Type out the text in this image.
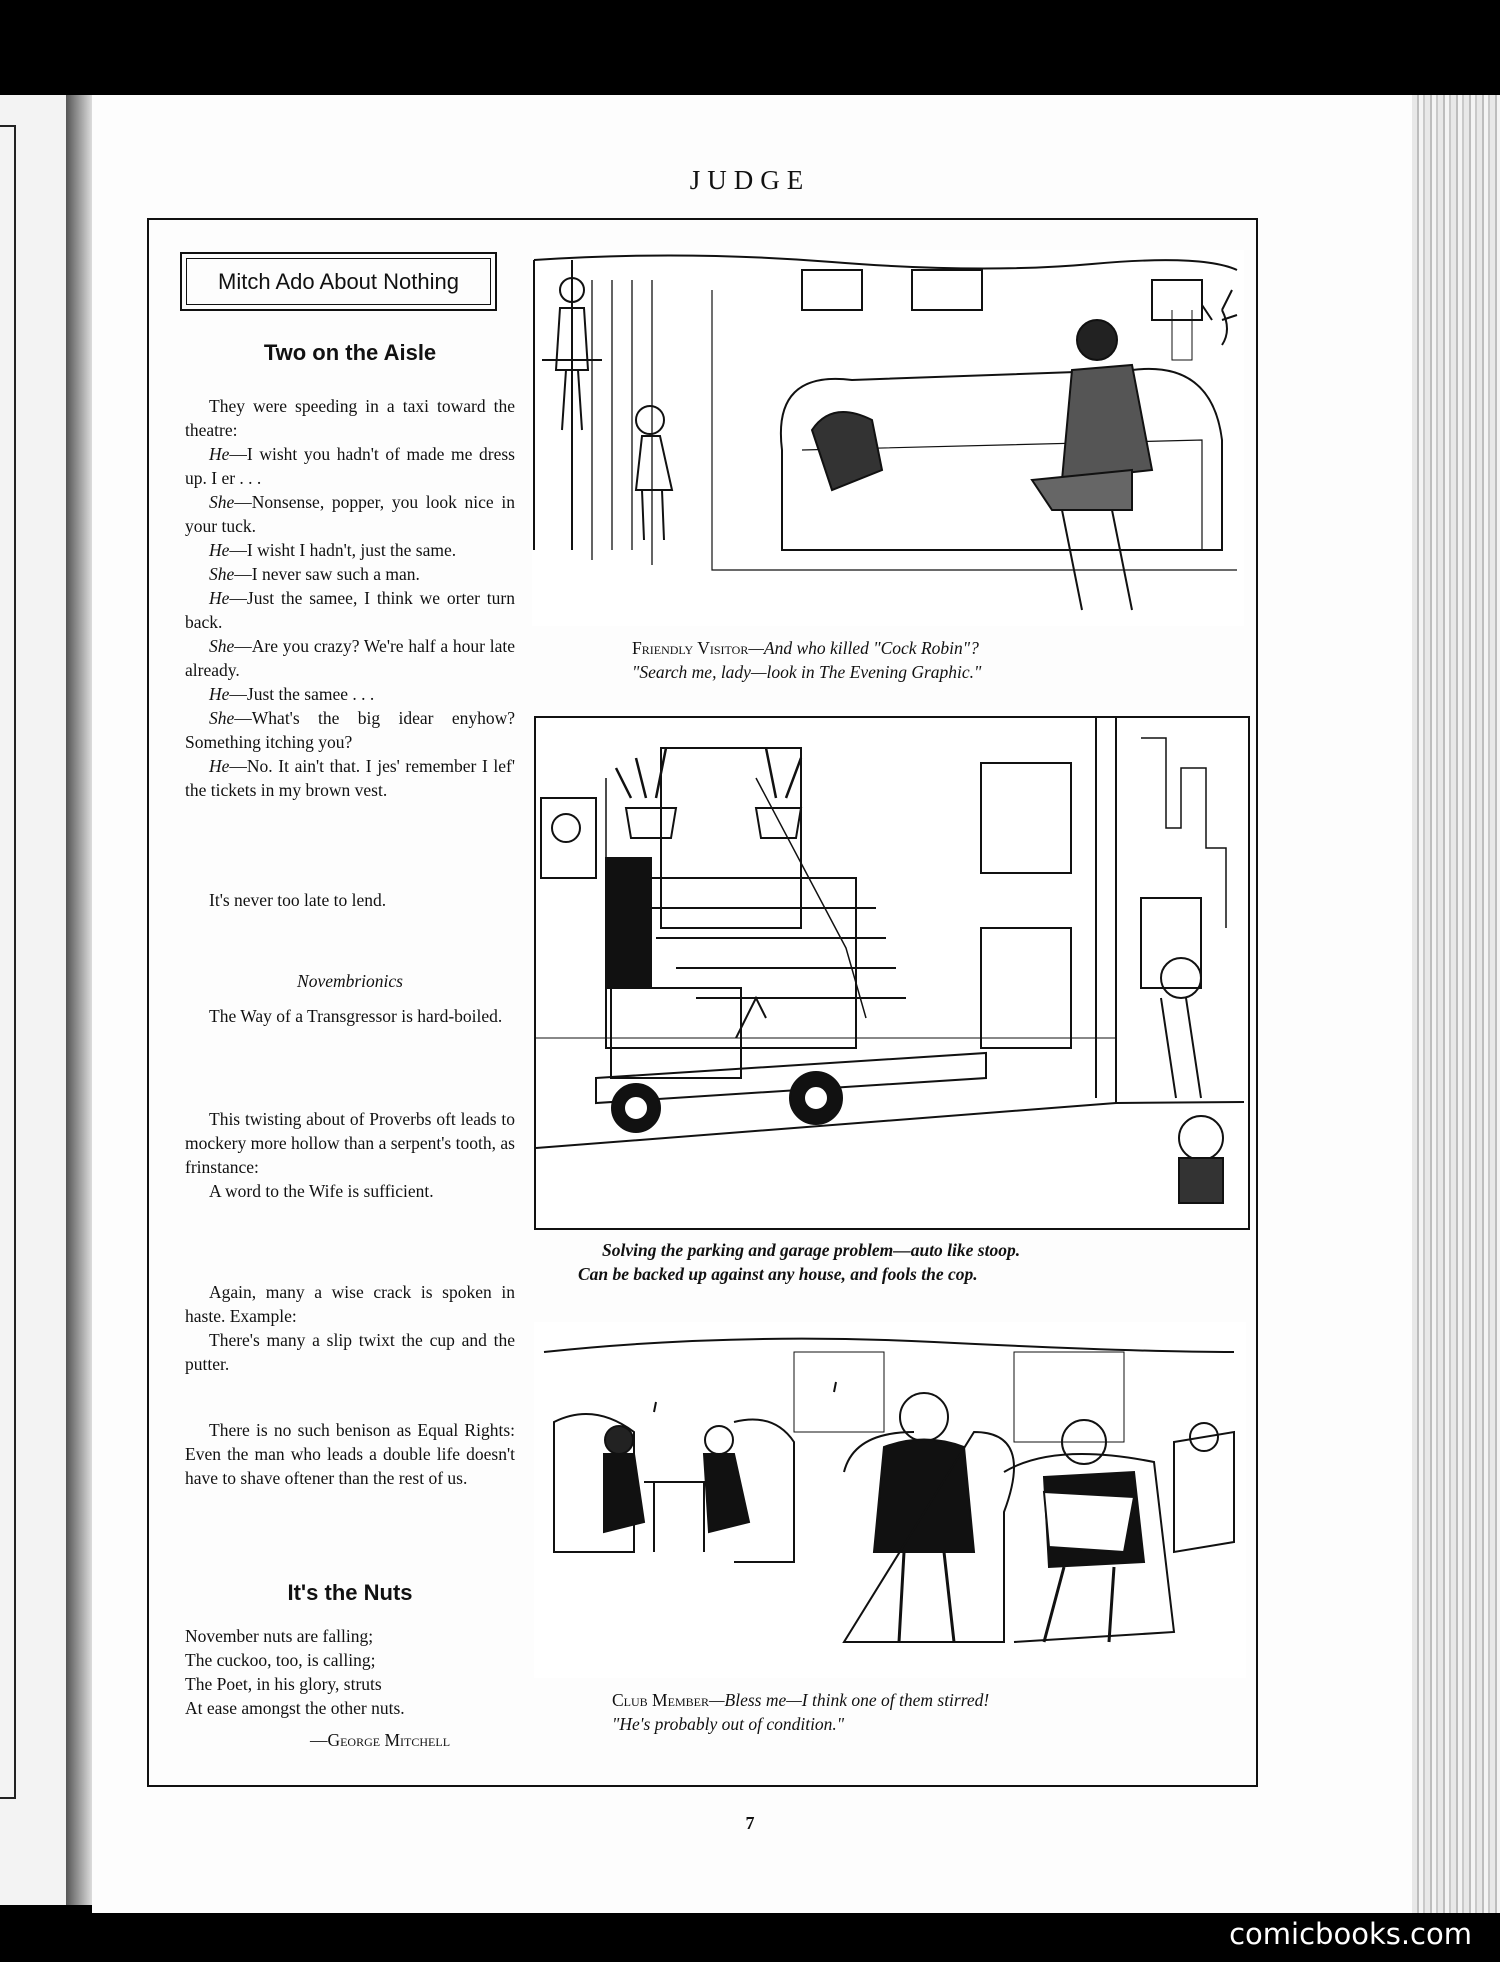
JUDGE
Mitch Ado About Nothing
Two on the Aisle

They were speeding in a taxi toward the theatre:

He—I wisht you hadn't of made me dress up. I er . . .

She—Nonsense, popper, you look nice in your tuck.

He—I wisht I hadn't, just the same.

She—I never saw such a man.

He—Just the samee, I think we orter turn back.

She—Are you crazy? We're half a hour late already.

He—Just the samee . . .

She—What's the big idear enyhow? Something itching you?

He—No. It ain't that. I jes' remember I lef' the tickets in my brown vest.

It's never too late to lend.

Novembrionics

The Way of a Transgressor is hard-boiled.

This twisting about of Proverbs oft leads to mockery more hollow than a serpent's tooth, as frinstance:

A word to the Wife is sufficient.

Again, many a wise crack is spoken in haste. Example:

There's many a slip twixt the cup and the putter.

There is no such benison as Equal Rights: Even the man who leads a double life doesn't have to shave oftener than the rest of us.

It's the Nuts

November nuts are falling;

The cuckoo, too, is calling;

The Poet, in his glory, struts

At ease amongst the other nuts.

—George Mitchell

Friendly Visitor—And who killed "Cock Robin"?
"Search me, lady—look in The Evening Graphic."
Solving the parking and garage problem—auto like stoop.
Can be backed up against any house, and fools the cop.
Club Member—Bless me—I think one of them stirred!
"He's probably out of condition."
7
comicbooks.com
